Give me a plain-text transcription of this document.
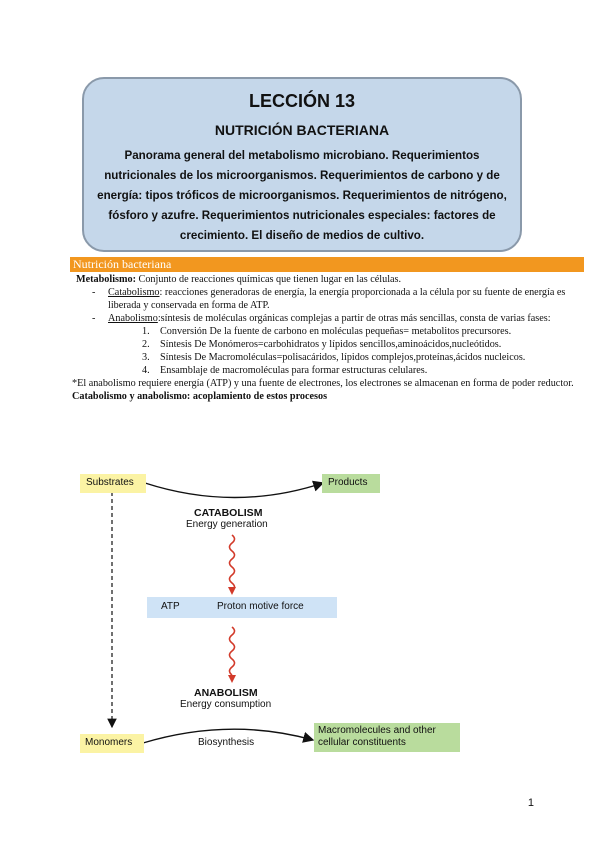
LECCIÓN 13
NUTRICIÓN BACTERIANA
Panorama general del metabolismo microbiano. Requerimientos nutricionales de los microorganismos. Requerimientos de carbono y de energía: tipos tróficos de microorganismos. Requerimientos de nitrógeno, fósforo y azufre. Requerimientos nutricionales especiales: factores de crecimiento. El diseño de medios de cultivo.
Nutrición bacteriana

Metabolismo: Conjunto de reacciones químicas que tienen lugar en las células.

- Catabolismo: reacciones generadoras de energía, la energía proporcionada a la célula por su fuente de energía es liberada y conservada en forma de ATP.

- Anabolismo:síntesis de moléculas orgánicas complejas a partir de otras más sencillas, consta de varias fases:

1. Conversión De la fuente de carbono en moléculas pequeñas= metabolitos precursores.

2. Síntesis De Monómeros=carbohidratos y lípidos sencillos,aminoácidos,nucleótidos.

3. Síntesis De Macromoléculas=polisacáridos, lípidos complejos,proteínas,ácidos nucleicos.

4. Ensamblaje de macromoléculas para formar estructuras celulares.

*El anabolismo requiere energía (ATP) y una fuente de electrones, los electrones se almacenan en forma de poder reductor.

Catabolismo y anabolismo: acoplamiento de estos procesos

Substrates	Products
CATABOLISM
Energy generation
ATP	Proton motive force
ANABOLISM
Energy consumption
Monomers	Biosynthesis
Macromolecules and other cellular constituents
1
